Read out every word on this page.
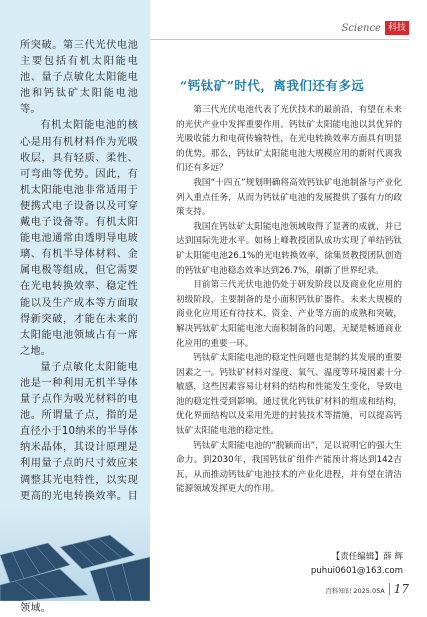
所突破。第三代光伏电池主要包括有机太阳能电池、量子点敏化太阳能电池和钙钛矿太阳能电池等。

有机太阳能电池的核心是用有机材料作为光吸收层，具有轻质、柔性、可弯曲等优势。因此，有机太阳能电池非常适用于便携式电子设备以及可穿戴电子设备等。有机太阳能电池通常由透明导电玻璃、有机半导体材料、金属电极等组成，但它需要在光电转换效率、稳定性能以及生产成本等方面取得新突破，才能在未来的太阳能电池领域占有一席之地。

量子点敏化太阳能电池是一种利用无机半导体量子点作为吸光材料的电池。所谓量子点，指的是直径小于10纳米的半导体纳米晶体，其设计原理是利用量子点的尺寸效应来调整其光电特性，以实现更高的光电转换效率。目 领域。

Science 科技
“钙钛矿”时代，离我们还有多远

第三代光伏电池代表了光伏技术的最前沿，有望在未来的光伏产业中发挥重要作用。钙钛矿太阳能电池以其优异的光吸收能力和电荷传输特性，在光电转换效率方面具有明显的优势。那么，钙钛矿太阳能电池大规模应用的新时代离我们还有多远？

我国“十四五”规划明确将高效钙钛矿电池制备与产业化列入重点任务，从而为钙钛矿电池的发展提供了强有力的政策支持。

我国在钙钛矿太阳能电池领域取得了显著的成就，并已达到国际先进水平。如杨上峰教授团队成功实现了单结钙钛矿太阳能电池26.1%的光电转换效率，徐集贤教授团队创造的钙钛矿电池稳态效率达到26.7%，刷新了世界纪录。

目前第三代光伏电池仍处于研发阶段以及商业化应用的初级阶段，主要制备的是小面积钙钛矿器件。未来大规模的商业化应用还有待技术、资金、产业等方面的成熟和突破，解决钙钛矿太阳能电池大面积制备的问题，无疑是畅通商业化应用的重要一环。

钙钛矿太阳能电池的稳定性问题也是制约其发展的重要因素之一。钙钛矿材料对湿度、氧气、温度等环境因素十分敏感，这些因素容易让材料的结构和性能发生变化，导致电池的稳定性受到影响。通过优化钙钛矿材料的组成和结构，优化界面结构以及采用先进的封装技术等措施，可以提高钙钛矿太阳能电池的稳定性。

钙钛矿太阳能电池的“脱颖而出”，足以说明它的强大生命力。到2030年，我国钙钛矿组件产能预计将达到142吉瓦，从而推动钙钛矿电池技术的产业化进程，并有望在清洁能源领域发挥更大的作用。

【责任编辑】薛 辉
puhui0601@163.com
百科知识 2025.05A 17
